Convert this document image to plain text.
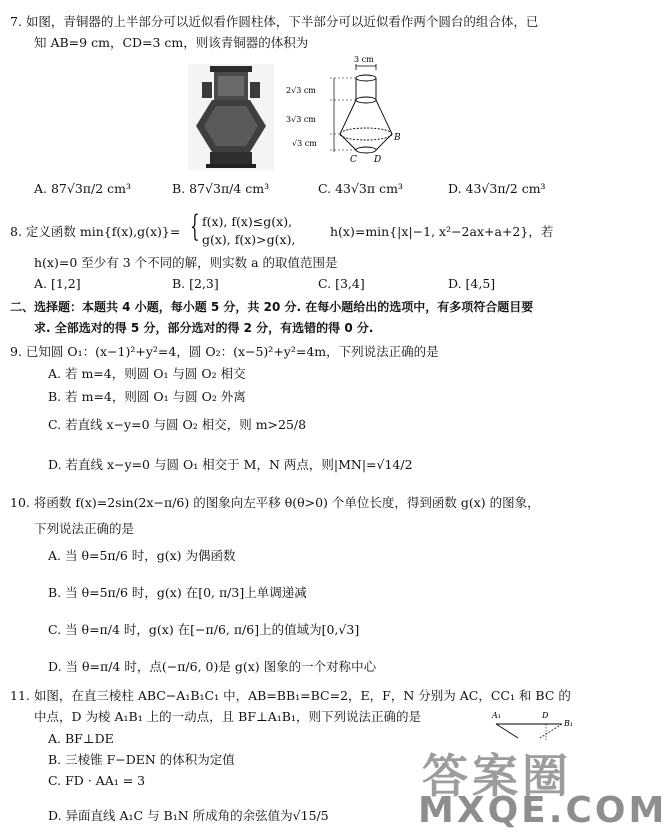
7. 如图，青铜器的上半部分可以近似看作圆柱体，下半部分可以近似看作两个圆台的组合体，已
知 AB=9 cm，CD=3 cm，则该青铜器的体积为
3 cm
2√3 cm
3√3 cm
√3 cm
B
C D
A. 87√3π/2 cm³	B. 87√3π/4 cm³	C. 43√3π cm³	D. 43√3π/2 cm³
8. 定义函数 min{f(x),g(x)}= { f(x), f(x)≤g(x),
g(x), f(x)>g(x),
h(x)=min{|x|−1, x²−2ax+a+2}，若
h(x)=0 至少有 3 个不同的解，则实数 a 的取值范围是
A. [1,2]	B. [2,3]	C. [3,4]	D. [4,5]
二、选择题：本题共 4 小题，每小题 5 分，共 20 分. 在每小题给出的选项中，有多项符合题目要
求. 全部选对的得 5 分，部分选对的得 2 分，有选错的得 0 分.
9. 已知圆 O₁：(x−1)²+y²=4，圆 O₂：(x−5)²+y²=4m，下列说法正确的是
A. 若 m=4，则圆 O₁ 与圆 O₂ 相交
B. 若 m=4，则圆 O₁ 与圆 O₂ 外离
C. 若直线 x−y=0 与圆 O₂ 相交，则 m>25/8
D. 若直线 x−y=0 与圆 O₁ 相交于 M，N 两点，则|MN|=√14/2
10. 将函数 f(x)=2sin(2x−π/6) 的图象向左平移 θ(θ>0) 个单位长度，得到函数 g(x) 的图象，
下列说法正确的是
A. 当 θ=5π/6 时，g(x) 为偶函数
B. 当 θ=5π/6 时，g(x) 在[0, π/3]上单调递减
C. 当 θ=π/4 时，g(x) 在[−π/6, π/6]上的值域为[0,√3]
D. 当 θ=π/4 时，点(−π/6, 0)是 g(x) 图象的一个对称中心
11. 如图，在直三棱柱 ABC−A₁B₁C₁ 中，AB=BB₁=BC=2，E，F，N 分别为 AC，CC₁ 和 BC 的
中点，D 为棱 A₁B₁ 上的一动点，且 BF⊥A₁B₁，则下列说法正确的是	A₁	D
B₁
A. BF⊥DE
B. 三棱锥 F−DEN 的体积为定值
C. FD · AA₁ = 3
D. 异面直线 A₁C 与 B₁N 所成角的余弦值为√15/5
答案圈
MXQE.COM
